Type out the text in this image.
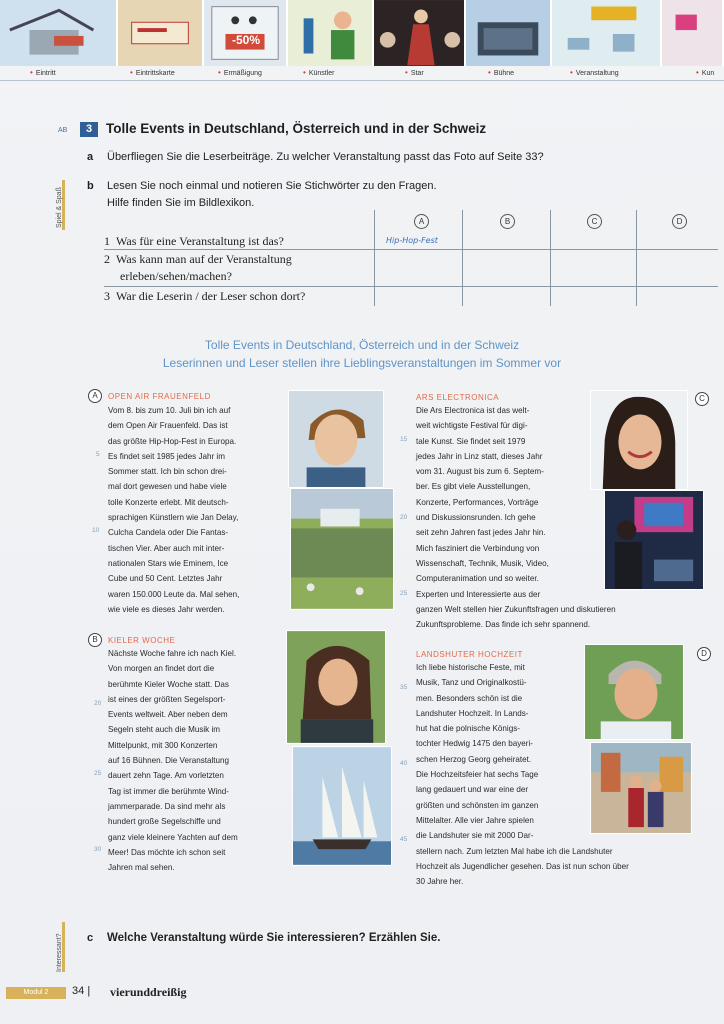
-50%
• Eintritt	• Eintrittskarte	• Ermäßigung	• Künstler	• Star	• Bühne	• Veranstaltung	• Kun
Spiel & Spaß
Interessant?
AB	3	Tolle Events in Deutschland, Österreich und in der Schweiz
a Überfliegen Sie die Leserbeiträge. Zu welcher Veranstaltung passt das Foto auf Seite 33?
b Lesen Sie noch einmal und notieren Sie Stichwörter zu den Fragen.
Hilfe finden Sie im Bildlexikon.
A	B	C	D
1 Was für eine Veranstaltung ist das?	Hip-Hop-Fest
2 Was kann man auf der Veranstaltung
erleben/sehen/machen?
3 War die Leserin / der Leser schon dort?
Tolle Events in Deutschland, Österreich und in der Schweiz
Leserinnen und Leser stellen ihre Lieblingsveranstaltungen im Sommer vor
A	OPEN AIR FRAUENFELD
Vom 8. bis zum 10. Juli bin ich auf
dem Open Air Frauenfeld. Das ist
das größte Hip-Hop-Fest in Europa.
Es findet seit 1985 jedes Jahr im
Sommer statt. Ich bin schon drei-
mal dort gewesen und habe viele
tolle Konzerte erlebt. Mit deutsch-
sprachigen Künstlern wie Jan Delay,
Culcha Candela oder Die Fantas-
tischen Vier. Aber auch mit inter-
nationalen Stars wie Eminem, Ice
Cube und 50 Cent. Letztes Jahr
waren 150.000 Leute da. Mal sehen,
wie viele es dieses Jahr werden.
5
10
B	KIELER WOCHE
Nächste Woche fahre ich nach Kiel.
Von morgen an findet dort die
berühmte Kieler Woche statt. Das
ist eines der größten Segelsport-
Events weltweit. Aber neben dem
Segeln steht auch die Musik im
Mittelpunkt, mit 300 Konzerten
auf 16 Bühnen. Die Veranstaltung
dauert zehn Tage. Am vorletzten
Tag ist immer die berühmte Wind-
jammerparade. Da sind mehr als
hundert große Segelschiffe und
ganz viele kleinere Yachten auf dem
Meer! Das möchte ich schon seit
Jahren mal sehen.
20
25
30
C
ARS ELECTRONICA
Die Ars Electronica ist das welt-
weit wichtigste Festival für digi-
tale Kunst. Sie findet seit 1979
jedes Jahr in Linz statt, dieses Jahr
vom 31. August bis zum 6. Septem-
ber. Es gibt viele Ausstellungen,
Konzerte, Performances, Vorträge
und Diskussionsrunden. Ich gehe
seit zehn Jahren fast jedes Jahr hin.
Mich fasziniert die Verbindung von
Wissenschaft, Technik, Musik, Video,
Computeranimation und so weiter.
Experten und Interessierte aus der
ganzen Welt stellen hier Zukunftsfragen und diskutieren
Zukunftsprobleme. Das finde ich sehr spannend.
15
20
25
D
LANDSHUTER HOCHZEIT
Ich liebe historische Feste, mit
Musik, Tanz und Originalkostü-
men. Besonders schön ist die
Landshuter Hochzeit. In Lands-
hut hat die polnische Königs-
tochter Hedwig 1475 den bayeri-
schen Herzog Georg geheiratet.
Die Hochzeitsfeier hat sechs Tage
lang gedauert und war eine der
größten und schönsten im ganzen
Mittelalter. Alle vier Jahre spielen
die Landshuter sie mit 2000 Dar-
stellern nach. Zum letzten Mal habe ich die Landshuter
Hochzeit als Jugendlicher gesehen. Das ist nun schon über
30 Jahre her.
35
40
45
c Welche Veranstaltung würde Sie interessieren? Erzählen Sie.
Modul 2	34 | vierunddreißig
